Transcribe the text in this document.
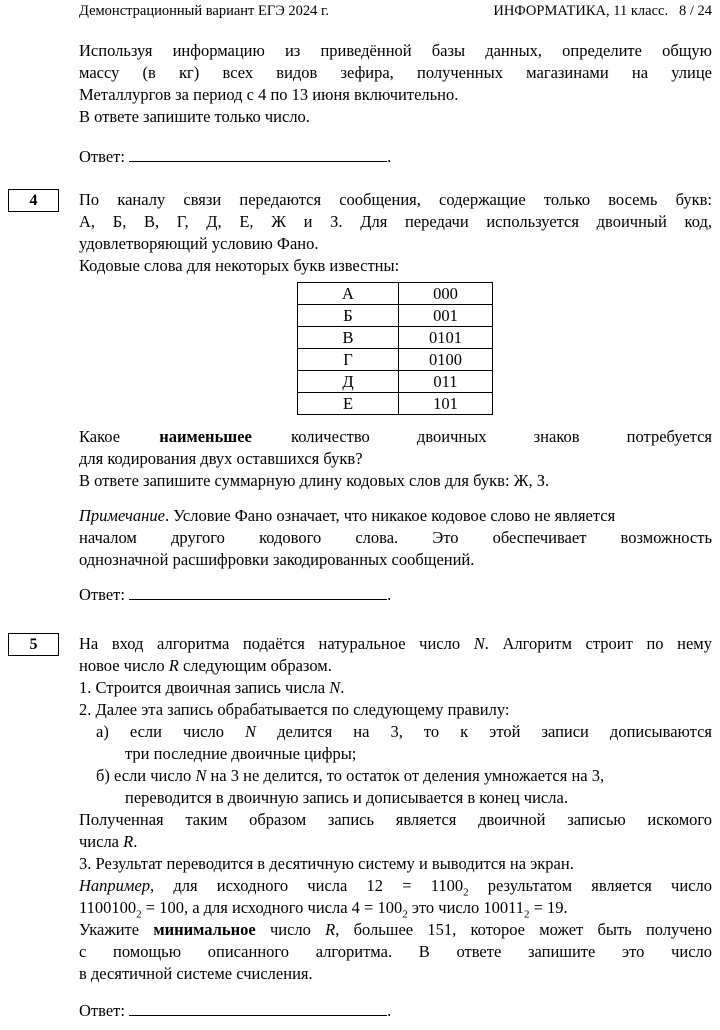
Демонстрационный вариант ЕГЭ 2024 г.	ИНФОРМАТИКА, 11 класс.   8 / 24
Используя информацию из приведённой базы данных, определите общую
массу (в кг) всех видов зефира, полученных магазинами на улице
Металлургов за период с 4 по 13 июня включительно.
В ответе запишите только число.
Ответ:	.
4	По каналу связи передаются сообщения, содержащие только восемь букв:
А, Б, В, Г, Д, Е, Ж и З. Для передачи используется двоичный код,
удовлетворяющий условию Фано.
Кодовые слова для некоторых букв известны:
А	000
Б	001
В	0101
Г	0100
Д	011
Е	101
Какое наименьшее количество двоичных знаков потребуется
для кодирования двух оставшихся букв?
В ответе запишите суммарную длину кодовых слов для букв: Ж, З.
Примечание. Условие Фано означает, что никакое кодовое слово не является
началом другого кодового слова. Это обеспечивает возможность
однозначной расшифровки закодированных сообщений.
Ответ:	.
5	На вход алгоритма подаётся натуральное число N. Алгоритм строит по нему
новое число R следующим образом.
1. Строится двоичная запись числа N.
2. Далее эта запись обрабатывается по следующему правилу:
а) если число N делится на 3, то к этой записи дописываются
три последние двоичные цифры;
б) если число N на 3 не делится, то остаток от деления умножается на 3,
переводится в двоичную запись и дописывается в конец числа.
Полученная таким образом запись является двоичной записью искомого
числа R.
3. Результат переводится в десятичную систему и выводится на экран.
Например, для исходного числа $12 = 1100_2$ результатом является число
$1100100_2 = 100$, а для исходного числа $4 = 100_2$ это число $10011_2 = 19$.
Укажите минимальное число R, большее 151, которое может быть получено
с помощью описанного алгоритма. В ответе запишите это число
в десятичной системе счисления.
Ответ:	.
